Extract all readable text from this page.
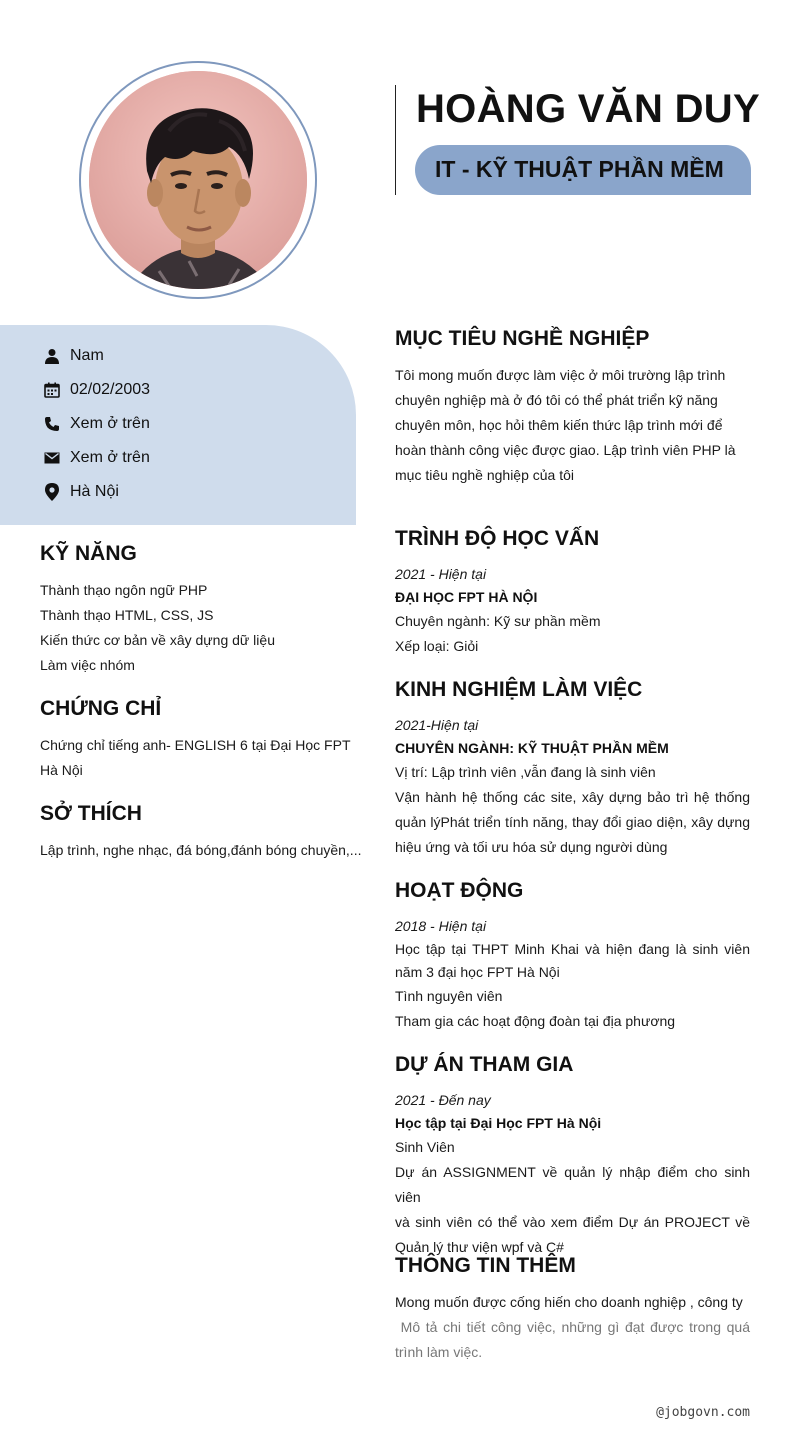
HOÀNG VĂN DUY
IT - KỸ THUẬT PHẦN MỀM
Nam
02/02/2003
Xem ở trên
Xem ở trên
Hà Nội
KỸ NĂNG
Thành thạo ngôn ngữ PHP
Thành thạo HTML, CSS, JS
Kiến thức cơ bản về xây dựng dữ liệu
Làm việc nhóm
CHỨNG CHỈ
Chứng chỉ tiếng anh- ENGLISH 6 tại Đại Học FPT
Hà Nội
SỞ THÍCH
Lập trình, nghe nhạc, đá bóng,đánh bóng chuyền,...
MỤC TIÊU NGHỀ NGHIỆP
Tôi mong muốn được làm việc ở môi trường lập trình
chuyên nghiệp mà ở đó tôi có thể phát triển kỹ năng
chuyên môn, học hỏi thêm kiến thức lập trình mới để
hoàn thành công việc được giao. Lập trình viên PHP là
mục tiêu nghề nghiệp của tôi
TRÌNH ĐỘ HỌC VẤN
2021 - Hiện tại
ĐẠI HỌC FPT HÀ NỘI
Chuyên ngành: Kỹ sư phần mềm
Xếp loại: Giỏi
KINH NGHIỆM LÀM VIỆC
2021-Hiện tại
CHUYÊN NGÀNH: KỸ THUẬT PHẦN MỀM
Vị trí: Lập trình viên ,vẫn đang là sinh viên
Vận hành hệ thống các site, xây dựng bảo trì hệ thống
quản lýPhát triển tính năng, thay đổi giao diện, xây dựng
hiệu ứng và tối ưu hóa sử dụng người dùng
HOẠT ĐỘNG
2018 - Hiện tại
Học tập tại THPT Minh Khai và hiện đang là sinh viên
năm 3 đại học FPT Hà Nội
Tình nguyên viên
Tham gia các hoạt động đoàn tại địa phương
DỰ ÁN THAM GIA
2021 - Đến nay
Học tập tại Đại Học FPT Hà Nội
Sinh Viên
Dự án ASSIGNMENT về quản lý nhập điểm cho sinh viên
và sinh viên có thể vào xem điểm Dự án PROJECT về
Quản lý thư viện wpf và C#
THÔNG TIN THÊM
Mong muốn được cống hiến cho doanh nghiệp , công ty
Mô tả chi tiết công việc, những gì đạt được trong quá
trình làm việc.
@jobgovn.com
